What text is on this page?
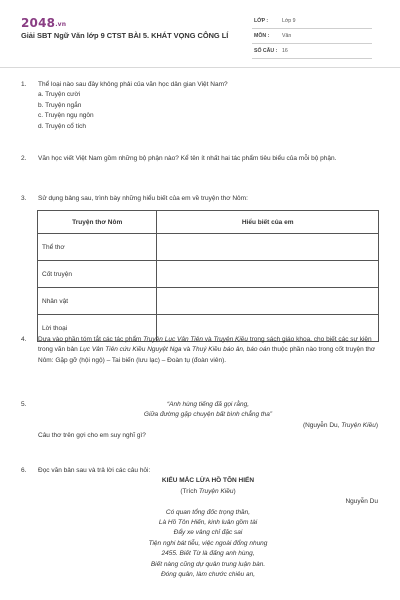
2048.vn
Giải SBT Ngữ Văn lớp 9 CTST BÀI 5. KHÁT VỌNG CÔNG LÍ
LỚP :	Lớp 9
MÔN : Văn
SỐ CÂU : 16
1. Thể loại nào sau đây không phải của văn học dân gian Việt Nam?
a. Truyện cười
b. Truyện ngắn
c. Truyện ngụ ngôn
d. Truyện cổ tích
2. Văn học viết Việt Nam gồm những bộ phận nào? Kể tên ít nhất hai tác phẩm tiêu biểu của mỗi bộ phận.
3. Sử dụng bảng sau, trình bày những hiểu biết của em về truyện thơ Nôm:
Truyện thơ Nôm	Hiểu biết của em
Thể thơ	
Cốt truyện	
Nhân vật	
Lời thoại	
4. Dựa vào phần tóm tắt các tác phẩm Truyện Lục Vân Tiên và Truyện Kiều trong sách giáo khoa, cho biết các sự kiện trong văn bản Lục Vân Tiên cứu Kiều Nguyệt Nga và Thuý Kiều báo ân, báo oán thuộc phần nào trong cốt truyện thơ Nôm: Gặp gỡ (hội ngộ) – Tai biến (lưu lạc) – Đoàn tụ (đoàn viên).
5.	“Anh hùng tiếng đã gọi rằng,
Giữa đường gặp chuyện bất bình chẳng tha”
(Nguyễn Du, Truyện Kiều)
Câu thơ trên gợi cho em suy nghĩ gì?
6. Đọc văn bản sau và trả lời các câu hỏi:
KIẾU MẮC LỪA HỒ TÔN HIẾN
(Trích Truyện Kiều)
Nguyễn Du
Có quan tổng đốc trọng thần,
Là Hồ Tôn Hiến, kinh luân gồm tài
Đẩy xe vâng chỉ đặc sai
Tiện nghi bát tiễu, việc ngoài đổng nhung
2455. Biết Từ là đấng anh hùng,
Biết nàng cũng dự quân trung luận bàn.
Đóng quân, làm chước chiêu an,
